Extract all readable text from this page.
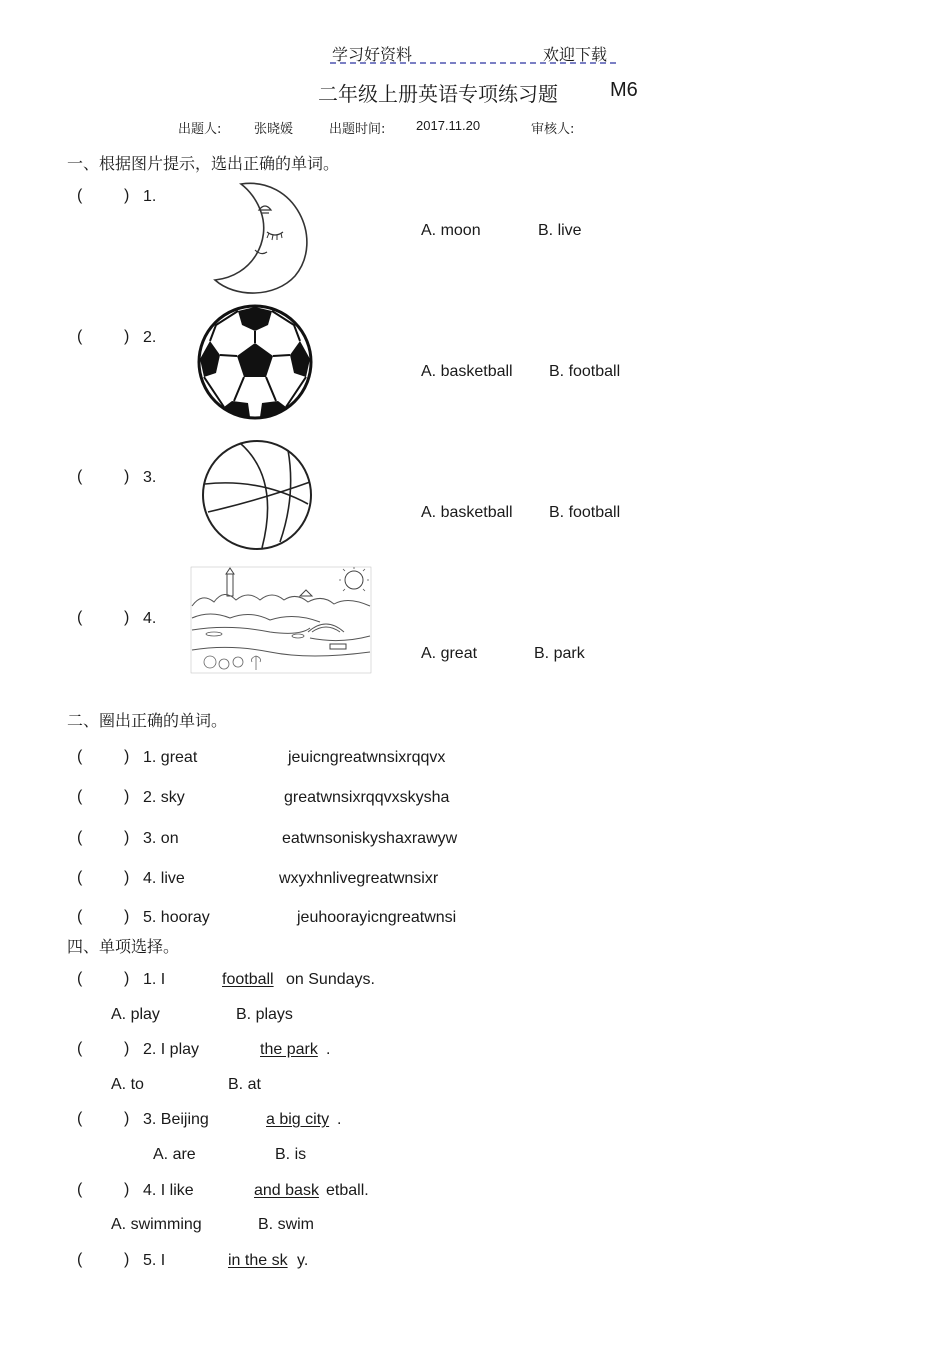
学习好资料	欢迎下载
二年级上册英语专项练习题	M6
出题人:	张晓媛	出题时间: 2017.11.20	审核人:
一、根据图片提示，选出正确的单词。
(	) 1.
A. moon	B. live
(	) 2.
A. basketball B. football
(	) 3.
A. basketball B. football
(	) 4.
A. great	B. park
二、圈出正确的单词。
(	) 1. great	jeuicngreatwnsixrqqvx
(	) 2. sky	greatwnsixrqqvxskysha
(	) 3. on	eatwnsoniskyshaxrawyw
(	) 4. live	wxyxhnlivegreatwnsixr
(	) 5. hooray	jeuhoorayicngreatwnsi
四、单项选择。
(	) 1. I	football on Sundays.
A. play	B. plays
(	) 2. I play	the park .
A. to	B. at
(	) 3. Beijing	a big city .
A. are	B. is
(	) 4. I like	and bask etball.
A. swimming	B. swim
(	) 5. I	in the sk y.
